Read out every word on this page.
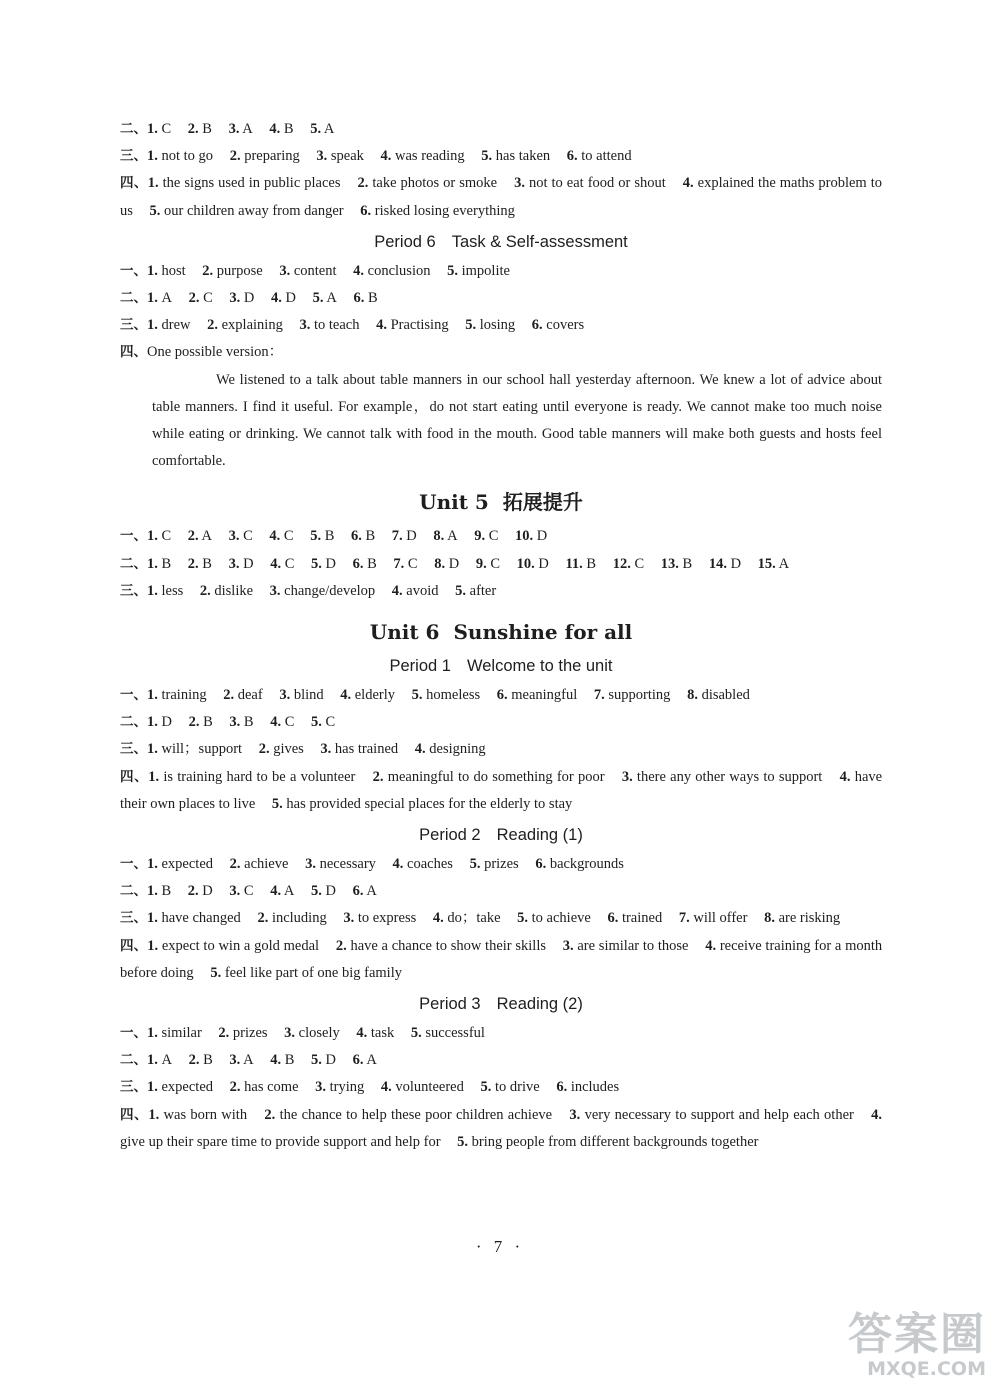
二、1. C 2. B 3. A 4. B 5. A

三、1. not to go 2. preparing 3. speak 4. was reading 5. has taken 6. to attend

四、1. the signs used in public places 2. take photos or smoke 3. not to eat food or shout 4. explained the maths problem to us 5. our children away from danger 6. risked losing everything

Period 6 Task & Self-assessment

一、1. host 2. purpose 3. content 4. conclusion 5. impolite

二、1. A 2. C 3. D 4. D 5. A 6. B

三、1. drew 2. explaining 3. to teach 4. Practising 5. losing 6. covers

四、One possible version：

We listened to a talk about table manners in our school hall yesterday afternoon. We knew a lot of advice about table manners. I find it useful. For example，do not start eating until everyone is ready. We cannot make too much noise while eating or drinking. We cannot talk with food in the mouth. Good table manners will make both guests and hosts feel comfortable.

Unit 5 拓展提升

一、1. C 2. A 3. C 4. C 5. B 6. B 7. D 8. A 9. C 10. D

二、1. B 2. B 3. D 4. C 5. D 6. B 7. C 8. D 9. C 10. D 11. B 12. C 13. B 14. D 15. A

三、1. less 2. dislike 3. change/develop 4. avoid 5. after

Unit 6 Sunshine for all
Period 1 Welcome to the unit

一、1. training 2. deaf 3. blind 4. elderly 5. homeless 6. meaningful 7. supporting 8. disabled

二、1. D 2. B 3. B 4. C 5. C

三、1. will；support 2. gives 3. has trained 4. designing

四、1. is training hard to be a volunteer 2. meaningful to do something for poor 3. there any other ways to support 4. have their own places to live 5. has provided special places for the elderly to stay

Period 2 Reading (1)

一、1. expected 2. achieve 3. necessary 4. coaches 5. prizes 6. backgrounds

二、1. B 2. D 3. C 4. A 5. D 6. A

三、1. have changed 2. including 3. to express 4. do；take 5. to achieve 6. trained 7. will offer 8. are risking

四、1. expect to win a gold medal 2. have a chance to show their skills 3. are similar to those 4. receive training for a month before doing 5. feel like part of one big family

Period 3 Reading (2)

一、1. similar 2. prizes 3. closely 4. task 5. successful

二、1. A 2. B 3. A 4. B 5. D 6. A

三、1. expected 2. has come 3. trying 4. volunteered 5. to drive 6. includes

四、1. was born with 2. the chance to help these poor children achieve 3. very necessary to support and help each other 4. give up their spare time to provide support and help for 5. bring people from different backgrounds together

· 7 ·
答案圈
MXQE.COM
